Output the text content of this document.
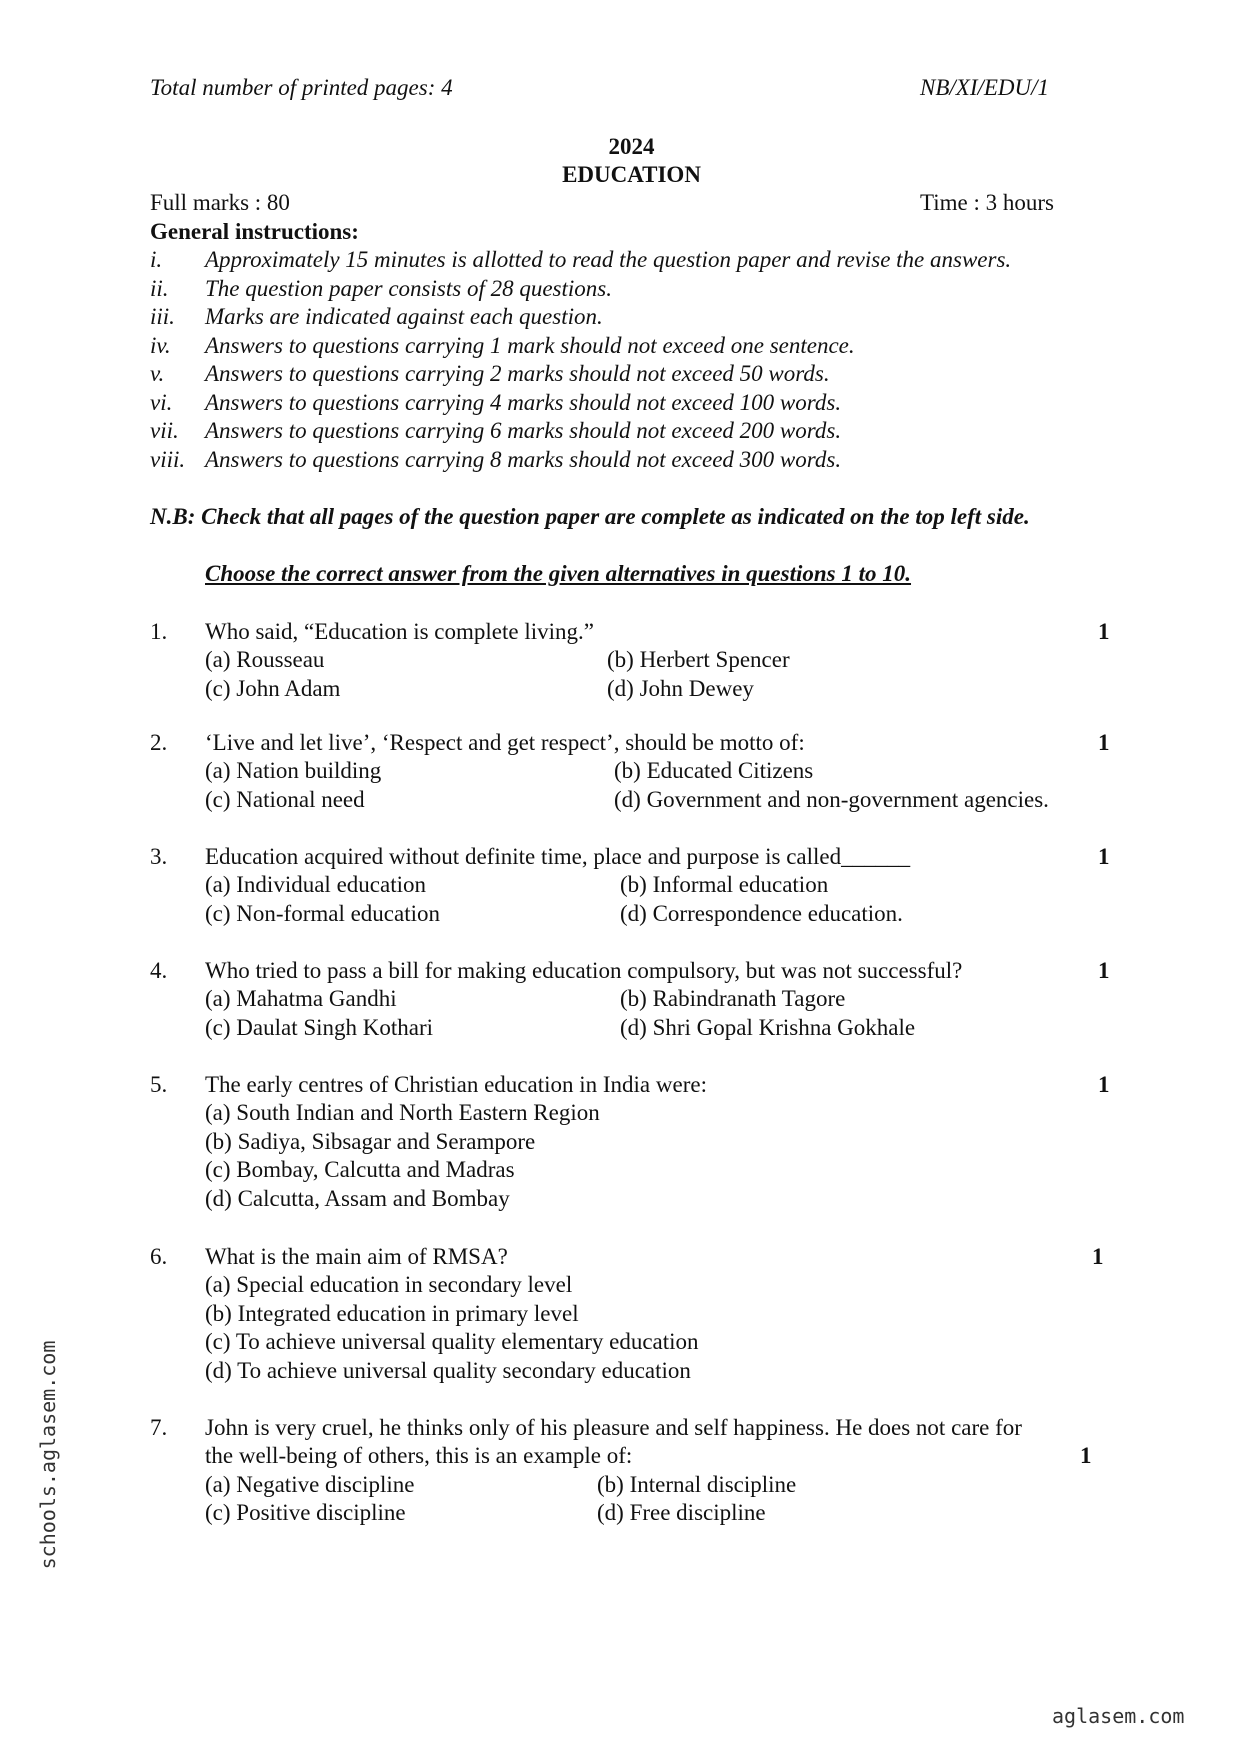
Total number of printed pages: 4	NB/XI/EDU/1
2024
EDUCATION
Full marks : 80	Time : 3 hours
General instructions:
i.	Approximately 15 minutes is allotted to read the question paper and revise the answers.
ii.	The question paper consists of 28 questions.
iii.	Marks are indicated against each question.
iv.	Answers to questions carrying 1 mark should not exceed one sentence.
v.	Answers to questions carrying 2 marks should not exceed 50 words.
vi.	Answers to questions carrying 4 marks should not exceed 100 words.
vii.	Answers to questions carrying 6 marks should not exceed 200 words.
viii. Answers to questions carrying 8 marks should not exceed 300 words.
N.B: Check that all pages of the question paper are complete as indicated on the top left side.
Choose the correct answer from the given alternatives in questions 1 to 10.
1. Who said, “Education is complete living.”	1
(a) Rousseau	(b) Herbert Spencer
(c) John Adam	(d) John Dewey
2. ‘Live and let live’, ‘Respect and get respect’, should be motto of:	1
(a) Nation building	(b) Educated Citizens
(c) National need	(d) Government and non-government agencies.
3. Education acquired without definite time, place and purpose is called______	1
(a) Individual education	(b) Informal education
(c) Non-formal education	(d) Correspondence education.
4. Who tried to pass a bill for making education compulsory, but was not successful?	1
(a) Mahatma Gandhi	(b) Rabindranath Tagore
(c) Daulat Singh Kothari	(d) Shri Gopal Krishna Gokhale
5. The early centres of Christian education in India were:	1
(a) South Indian and North Eastern Region
(b) Sadiya, Sibsagar and Serampore
(c) Bombay, Calcutta and Madras
(d) Calcutta, Assam and Bombay
6. What is the main aim of RMSA?	1
(a) Special education in secondary level
(b) Integrated education in primary level
(c) To achieve universal quality elementary education
(d) To achieve universal quality secondary education
7. John is very cruel, he thinks only of his pleasure and self happiness. He does not care for
the well-being of others, this is an example of:	1
(a) Negative discipline	(b) Internal discipline
(c) Positive discipline	(d) Free discipline
schools.aglasem.com
aglasem.com
